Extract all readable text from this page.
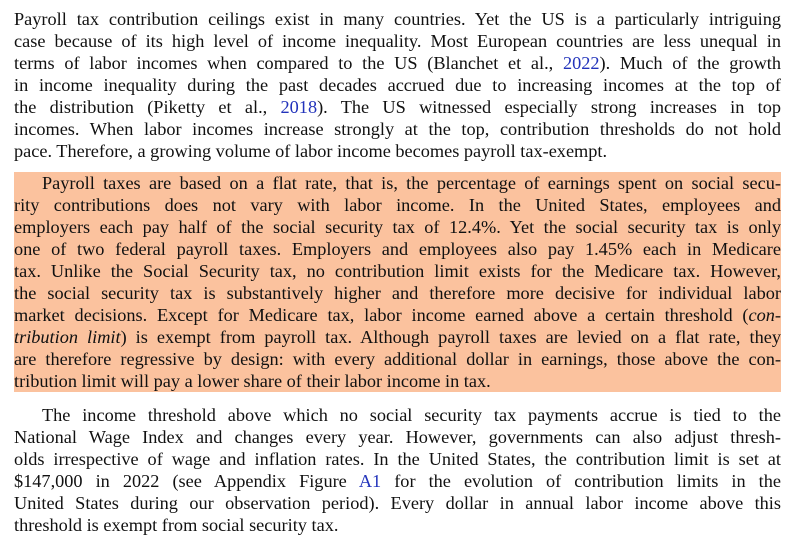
Payroll tax contribution ceilings exist in many countries. Yet the US is a particularly intriguing
case because of its high level of income inequality. Most European countries are less unequal in
terms of labor incomes when compared to the US (Blanchet et al., 2022). Much of the growth
in income inequality during the past decades accrued due to increasing incomes at the top of
the distribution (Piketty et al., 2018). The US witnessed especially strong increases in top
incomes. When labor incomes increase strongly at the top, contribution thresholds do not hold
pace. Therefore, a growing volume of labor income becomes payroll tax-exempt.
Payroll taxes are based on a flat rate, that is, the percentage of earnings spent on social secu-
rity contributions does not vary with labor income. In the United States, employees and
employers each pay half of the social security tax of 12.4%. Yet the social security tax is only
one of two federal payroll taxes. Employers and employees also pay 1.45% each in Medicare
tax. Unlike the Social Security tax, no contribution limit exists for the Medicare tax. However,
the social security tax is substantively higher and therefore more decisive for individual labor
market decisions. Except for Medicare tax, labor income earned above a certain threshold (con-
tribution limit) is exempt from payroll tax. Although payroll taxes are levied on a flat rate, they
are therefore regressive by design: with every additional dollar in earnings, those above the con-
tribution limit will pay a lower share of their labor income in tax.
The income threshold above which no social security tax payments accrue is tied to the
National Wage Index and changes every year. However, governments can also adjust thresh-
olds irrespective of wage and inflation rates. In the United States, the contribution limit is set at
$147,000 in 2022 (see Appendix Figure A1 for the evolution of contribution limits in the
United States during our observation period). Every dollar in annual labor income above this
threshold is exempt from social security tax.
